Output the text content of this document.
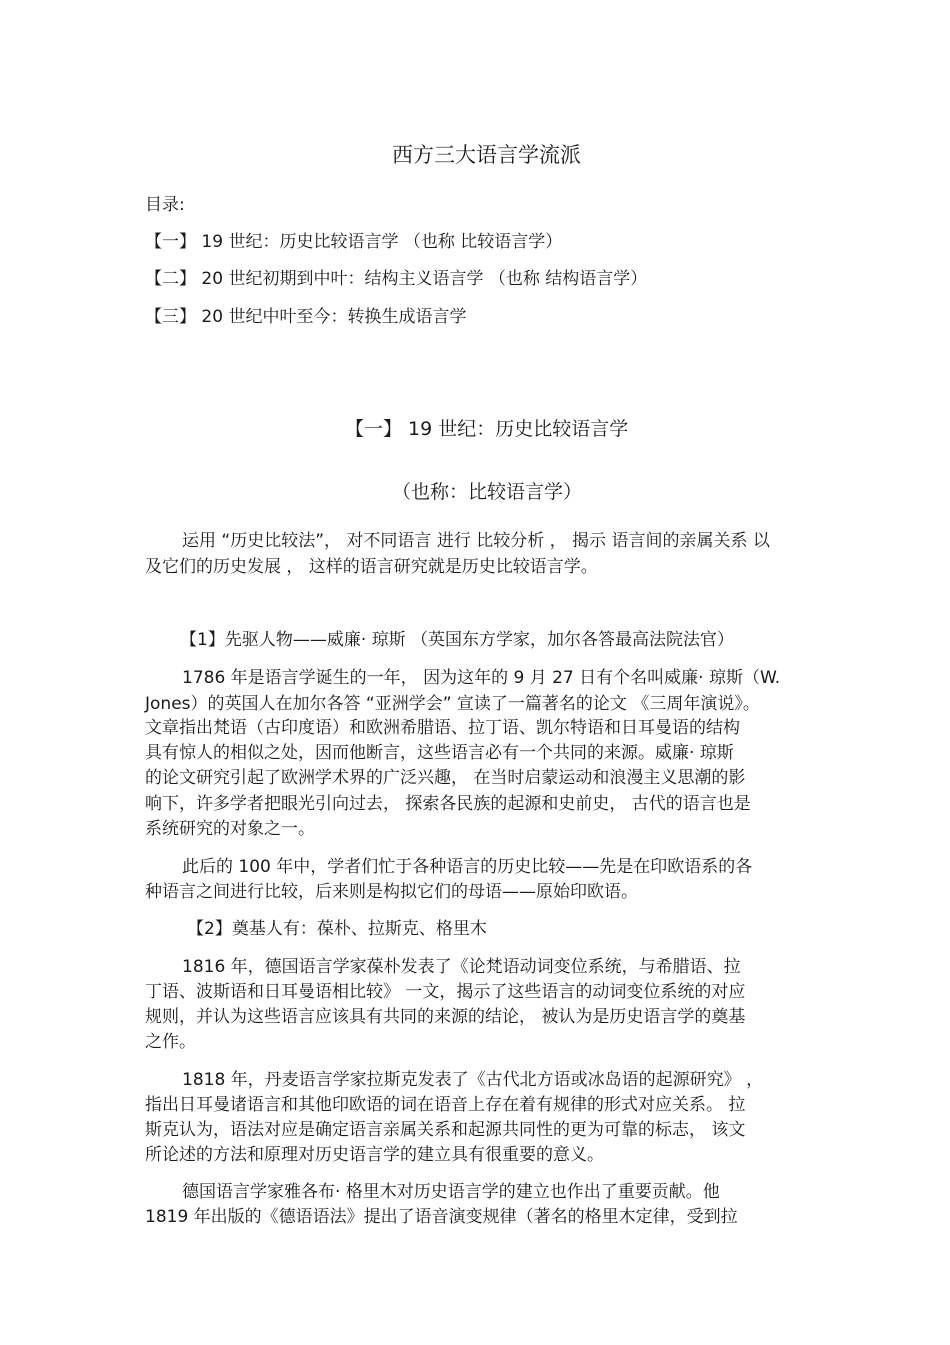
西方三大语言学流派
目录:
【一】 19 世纪：历史比较语言学 （也称 比较语言学）
【二】 20 世纪初期到中叶：结构主义语言学 （也称 结构语言学）
【三】 20 世纪中叶至今：转换生成语言学
【一】 19 世纪：历史比较语言学
（也称：比较语言学）
运用 “历史比较法”， 对不同语言 进行 比较分析 ， 揭示 语言间的亲属关系 以
及它们的历史发展 ， 这样的语言研究就是历史比较语言学。
【1】先驱人物——威廉· 琼斯 （英国东方学家，加尔各答最高法院法官）
1786 年是语言学诞生的一年， 因为这年的 9 月 27 日有个名叫威廉· 琼斯（W.
Jones）的英国人在加尔各答 “亚洲学会” 宣读了一篇著名的论文 《三周年演说》。
文章指出梵语（古印度语）和欧洲希腊语、拉丁语、凯尔特语和日耳曼语的结构
具有惊人的相似之处，因而他断言，这些语言必有一个共同的来源。威廉· 琼斯
的论文研究引起了欧洲学术界的广泛兴趣， 在当时启蒙运动和浪漫主义思潮的影
响下，许多学者把眼光引向过去， 探索各民族的起源和史前史， 古代的语言也是
系统研究的对象之一。
此后的 100 年中，学者们忙于各种语言的历史比较——先是在印欧语系的各
种语言之间进行比较，后来则是构拟它们的母语——原始印欧语。
【2】奠基人有：葆朴、拉斯克、格里木
1816 年，德国语言学家葆朴发表了《论梵语动词变位系统，与希腊语、拉
丁语、波斯语和日耳曼语相比较》 一文，揭示了这些语言的动词变位系统的对应
规则，并认为这些语言应该具有共同的来源的结论， 被认为是历史语言学的奠基
之作。
1818 年，丹麦语言学家拉斯克发表了《古代北方语或冰岛语的起源研究》 ，
指出日耳曼诸语言和其他印欧语的词在语音上存在着有规律的形式对应关系。 拉
斯克认为，语法对应是确定语言亲属关系和起源共同性的更为可靠的标志， 该文
所论述的方法和原理对历史语言学的建立具有很重要的意义。
德国语言学家雅各布· 格里木对历史语言学的建立也作出了重要贡献。他
1819 年出版的《德语语法》提出了语音演变规律（著名的格里木定律，受到拉
